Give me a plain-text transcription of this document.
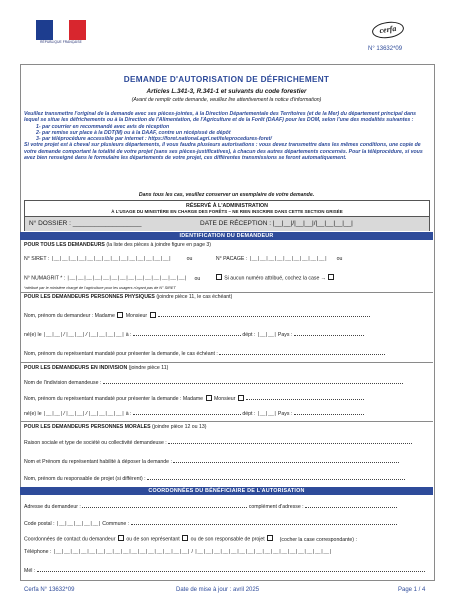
RÉPUBLIQUE FRANÇAISE
cerfa
N° 13632*09
DEMANDE D'AUTORISATION DE DÉFRICHEMENT
Articles L.341-3, R.341-1 et suivants du code forestier
(Avant de remplir cette demande, veuillez lire attentivement la notice d'information)
Veuillez transmettre l'original de la demande avec ses pièces-jointes, à la Direction Départementale des Territoires (et de la Mer) du département principal dans lequel se situe les défrichements ou à la Direction de l'Alimentation, de l'Agriculture et de la Forêt (DAAF) pour les DOM, selon l'une des modalités suivantes :
1- par courrier en recommandé avec avis de réception
2- par remise sur place à la DDT(M) ou à la DAAF, contre un récépissé de dépôt
3- par téléprocédure accessible par internet : https://foret.national.agri.net/teleprocedures-foret/
Si votre projet est à cheval sur plusieurs départements, il vous faudra plusieurs autorisations : vous devez transmettre dans les mêmes conditions, une copie de votre demande comportant la totalité de votre projet (sans ses pièces-justificatives), à chacun des autres départements concernés. Pour la téléprocédure, si vous avez bien renseigné dans le formulaire les départements de votre projet, ces différentes transmissions se feront automatiquement.
Dans tous les cas, veuillez conserver un exemplaire de votre demande.
RÉSERVÉ À L'ADMINISTRATION
À L'USAGE DU MINISTÈRE EN CHARGE DES FORÊTS – NE RIEN INSCRIRE DANS CETTE SECTION GRISÉE
N° DOSSIER : ___________________	DATE DE RÉCEPTION : |__|__|/|__|__|/|__|__|__|__|
IDENTIFICATION DU DEMANDEUR
POUR TOUS LES DEMANDEURS (la liste des pièces à joindre figure en page 3)
N° SIRET : |__|__|__|__|__|__|__|__|__|__|__|__|__|__|	ou	N° PACAGE : |__|__|__|__|__|__|__|__|__| ou
N° NUMAGRIT * : |__|__|__|__|__|__|__|__|__|__|__|__|__|__| ou	Si aucun numéro attribué, cochez la case →
*attribué par le ministère chargé de l'agriculture pour les usagers n'ayant pas de N° SIRET
POUR LES DEMANDEURS PERSONNES PHYSIQUES (joindre pièce 11, le cas échéant)
Nom, prénom du demandeur : Madame Monsieur
né(e) le |__|__|/|__|__|/|__|__|__|__| à :	dépt : |__|__| Pays :
Nom, prénom du représentant mandaté pour présenter la demande, le cas échéant :
POUR LES DEMANDEURS EN INDIVISION (joindre pièce 11)
Nom de l'indivision demandeuse :
Nom, prénom du représentant mandaté pour présenter la demande : Madame Monsieur
né(e) le |__|__|/|__|__|/|__|__|__|__| à :	dépt : |__|__| Pays :
POUR LES DEMANDEURS PERSONNES MORALES (joindre pièce 12 ou 13)
Raison sociale et type de société ou collectivité demandeuse :
Nom et Prénom du représentant habilité à déposer la demande :
Nom, prénom du responsable de projet (si différent) :
COORDONNÉES DU BÉNÉFICIAIRE DE L'AUTORISATION
Adresse du demandeur :	complément d'adresse :
Code postal : |__|__|__|__|__| Commune :
Coordonnées de contact du demandeur ou de son représentant ou de son responsable de projet	(cocher la case correspondante) :
Téléphone : |__|__|__|__|__|__|__|__|__|__|__|__|__|__|__|__| / |__|__|__|__|__|__|__|__|__|__|__|__|__|__|__|__|
Mél :
Cerfa N° 13632*09	Date de mise à jour : avril 2025	Page 1 / 4
